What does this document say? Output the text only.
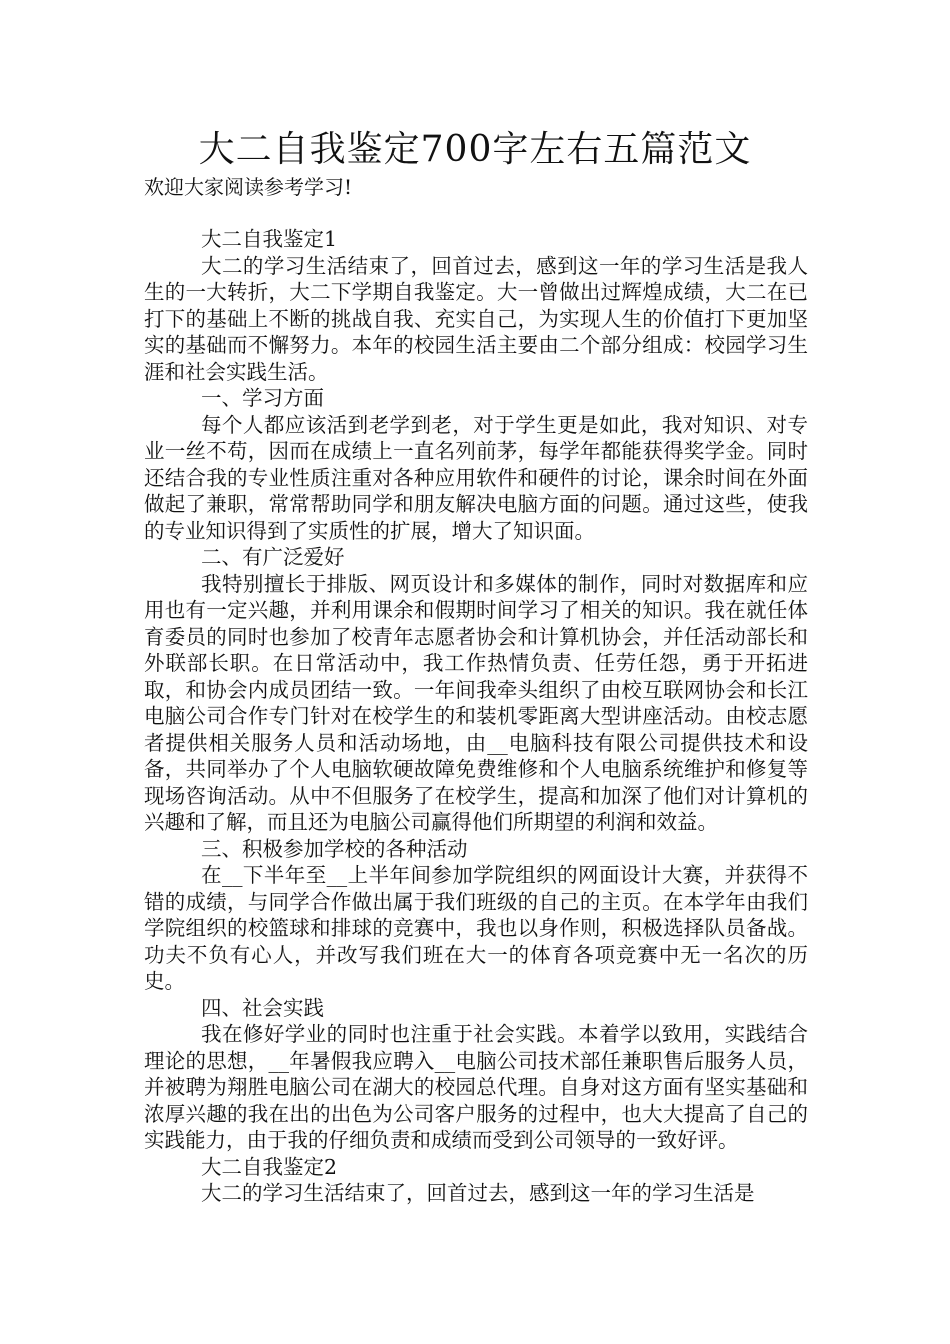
大二自我鉴定700字左右五篇范文

欢迎大家阅读参考学习!

大二自我鉴定1

大二的学习生活结束了，回首过去，感到这一年的学习生活是我人生的一大转折，大二下学期自我鉴定。大一曾做出过辉煌成绩，大二在已打下的基础上不断的挑战自我、充实自己，为实现人生的价值打下更加坚实的基础而不懈努力。本年的校园生活主要由二个部分组成：校园学习生涯和社会实践生活。

一、学习方面

每个人都应该活到老学到老，对于学生更是如此，我对知识、对专业一丝不苟，因而在成绩上一直名列前茅，每学年都能获得奖学金。同时还结合我的专业性质注重对各种应用软件和硬件的讨论，课余时间在外面做起了兼职，常常帮助同学和朋友解决电脑方面的问题。通过这些，使我的专业知识得到了实质性的扩展，增大了知识面。

二、有广泛爱好

我特别擅长于排版、网页设计和多媒体的制作，同时对数据库和应用也有一定兴趣，并利用课余和假期时间学习了相关的知识。我在就任体育委员的同时也参加了校青年志愿者协会和计算机协会，并任活动部长和外联部长职。在日常活动中，我工作热情负责、任劳任怨，勇于开拓进取，和协会内成员团结一致。一年间我牵头组织了由校互联网协会和长江电脑公司合作专门针对在校学生的和装机零距离大型讲座活动。由校志愿者提供相关服务人员和活动场地，由__电脑科技有限公司提供技术和设备，共同举办了个人电脑软硬故障免费维修和个人电脑系统维护和修复等现场咨询活动。从中不但服务了在校学生，提高和加深了他们对计算机的兴趣和了解，而且还为电脑公司赢得他们所期望的利润和效益。

三、积极参加学校的各种活动

在__下半年至__上半年间参加学院组织的网面设计大赛，并获得不错的成绩，与同学合作做出属于我们班级的自己的主页。在本学年由我们学院组织的校篮球和排球的竞赛中，我也以身作则，积极选择队员备战。功夫不负有心人，并改写我们班在大一的体育各项竞赛中无一名次的历史。

四、社会实践

我在修好学业的同时也注重于社会实践。本着学以致用，实践结合理论的思想，__年暑假我应聘入__电脑公司技术部任兼职售后服务人员，并被聘为翔胜电脑公司在湖大的校园总代理。自身对这方面有坚实基础和浓厚兴趣的我在出的出色为公司客户服务的过程中，也大大提高了自己的实践能力，由于我的仔细负责和成绩而受到公司领导的一致好评。

大二自我鉴定2

大二的学习生活结束了，回首过去，感到这一年的学习生活是
